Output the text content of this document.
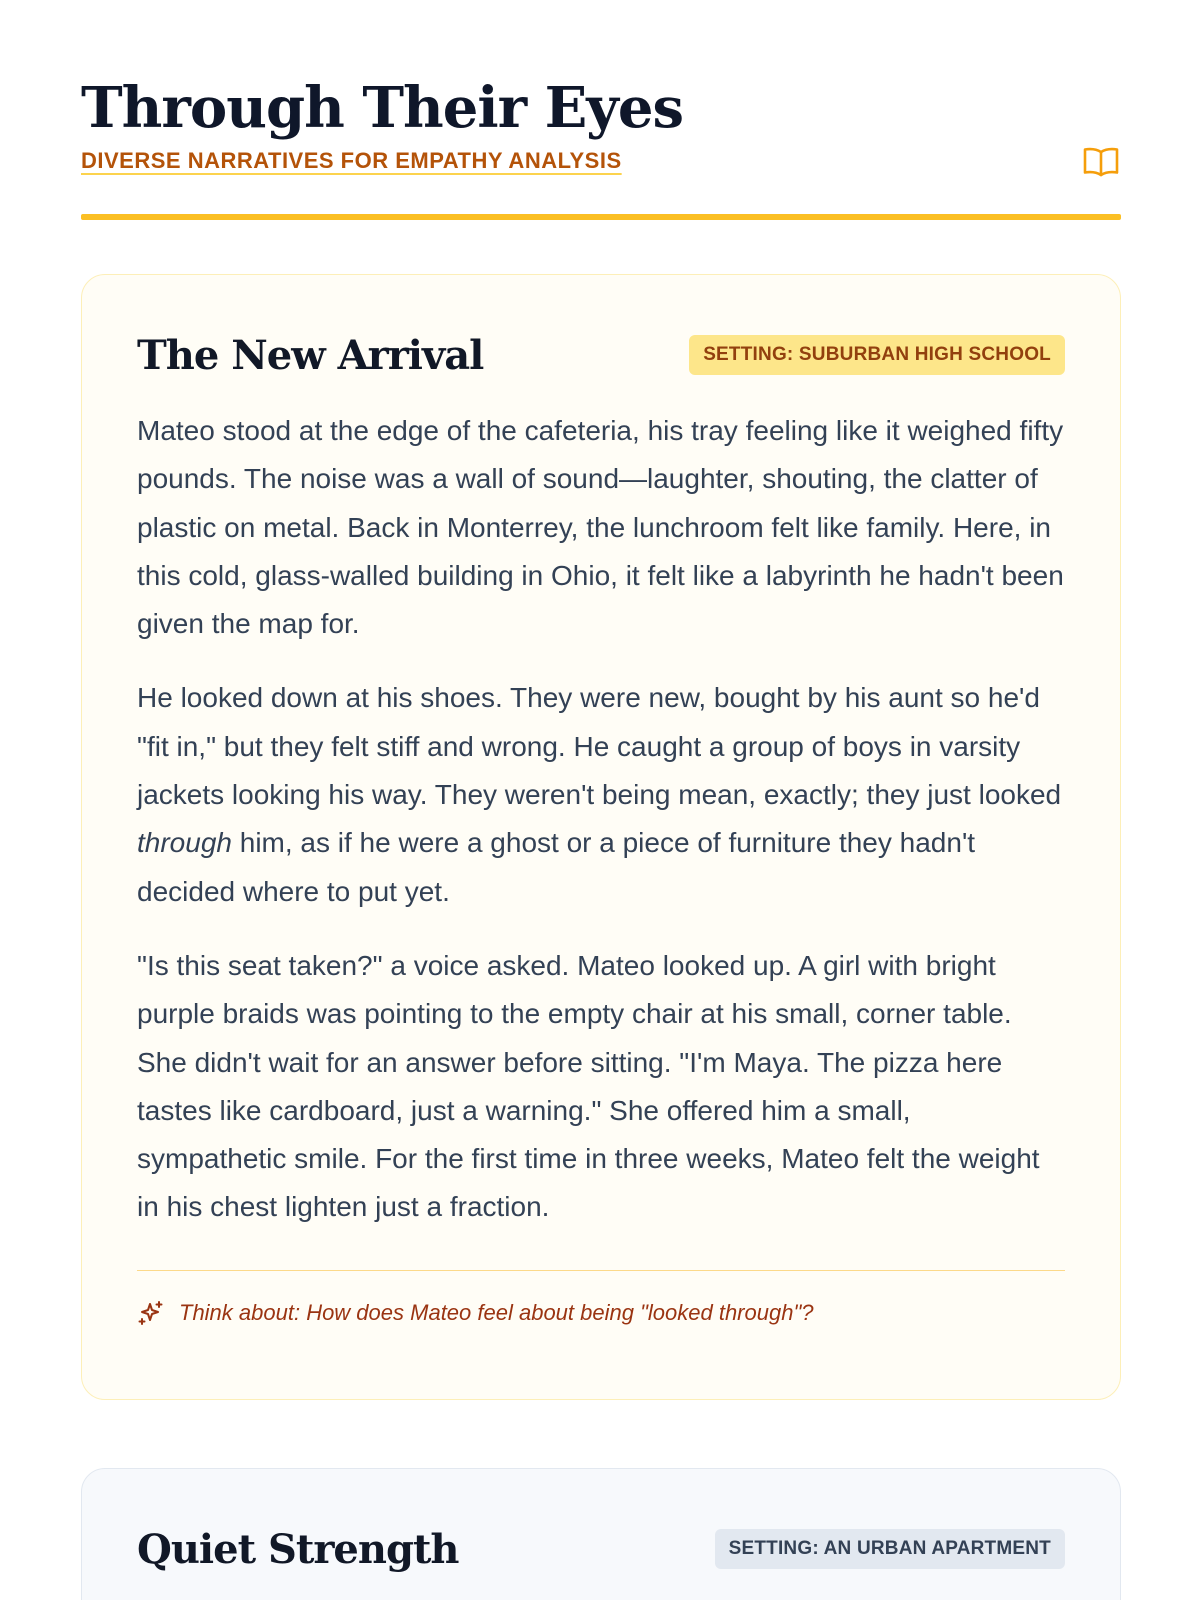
Through Their Eyes
DIVERSE NARRATIVES FOR EMPATHY ANALYSIS
The New Arrival	SETTING: SUBURBAN HIGH SCHOOL

Mateo stood at the edge of the cafeteria, his tray feeling like it weighed fifty pounds. The noise was a wall of sound—laughter, shouting, the clatter of plastic on metal. Back in Monterrey, the lunchroom felt like family. Here, in this cold, glass-walled building in Ohio, it felt like a labyrinth he hadn't been given the map for.

He looked down at his shoes. They were new, bought by his aunt so he'd "fit in," but they felt stiff and wrong. He caught a group of boys in varsity jackets looking his way. They weren't being mean, exactly; they just looked through him, as if he were a ghost or a piece of furniture they hadn't decided where to put yet.

"Is this seat taken?" a voice asked. Mateo looked up. A girl with bright purple braids was pointing to the empty chair at his small, corner table. She didn't wait for an answer before sitting. "I'm Maya. The pizza here tastes like cardboard, just a warning." She offered him a small, sympathetic smile. For the first time in three weeks, Mateo felt the weight in his chest lighten just a fraction.

Think about: How does Mateo feel about being "looked through"?
Quiet Strength	SETTING: AN URBAN APARTMENT
